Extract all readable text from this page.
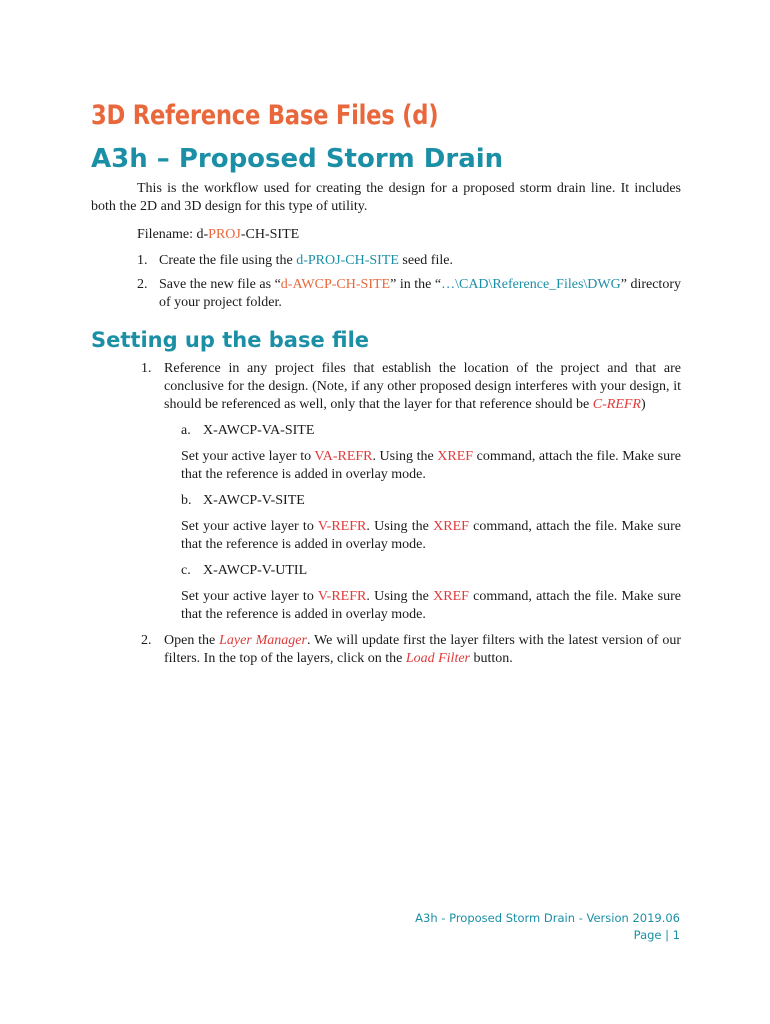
3D Reference Base Files (d)
A3h – Proposed Storm Drain

This is the workflow used for creating the design for a proposed storm drain line. It includes both the 2D and 3D design for this type of utility.

Filename: d-PROJ-CH-SITE

1. Create the file using the d-PROJ-CH-SITE seed file.
2. Save the new file as “d-AWCP-CH-SITE” in the “…\CAD\Reference_Files\DWG” directory of your project folder.
Setting up the base file
1. Reference in any project files that establish the location of the project and that are conclusive for the design. (Note, if any other proposed design interferes with your design, it should be referenced as well, only that the layer for that reference should be C-REFR)
a. X-AWCP-VA-SITE

Set your active layer to VA-REFR. Using the XREF command, attach the file. Make sure that the reference is added in overlay mode.

b. X-AWCP-V-SITE

Set your active layer to V-REFR. Using the XREF command, attach the file. Make sure that the reference is added in overlay mode.

c. X-AWCP-V-UTIL

Set your active layer to V-REFR. Using the XREF command, attach the file. Make sure that the reference is added in overlay mode.

2. Open the Layer Manager. We will update first the layer filters with the latest version of our filters. In the top of the layers, click on the Load Filter button.
A3h - Proposed Storm Drain - Version 2019.06
Page | 1
